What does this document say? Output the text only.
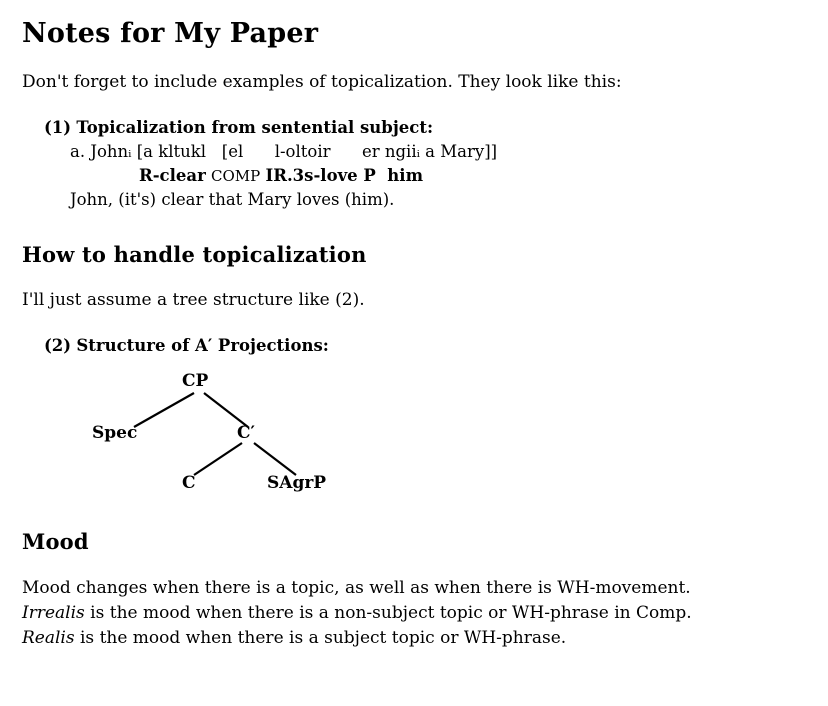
Notes for My Paper

Don't forget to include examples of topicalization. They look like this:

(1) Topicalization from sentential subject:
a. Johnᵢ [a kltukl   [el      l-oltoir      er ngiiᵢ a Mary]]
R-clear COMP IR.3s-love P  him
John, (it's) clear that Mary loves (him).
How to handle topicalization

I'll just assume a tree structure like (2).

(2) Structure of A′ Projections:
CP
Spec	C′
C	SAgrP
Mood
Mood changes when there is a topic, as well as when there is WH-movement.
Irrealis is the mood when there is a non-subject topic or WH-phrase in Comp.
Realis is the mood when there is a subject topic or WH-phrase.
